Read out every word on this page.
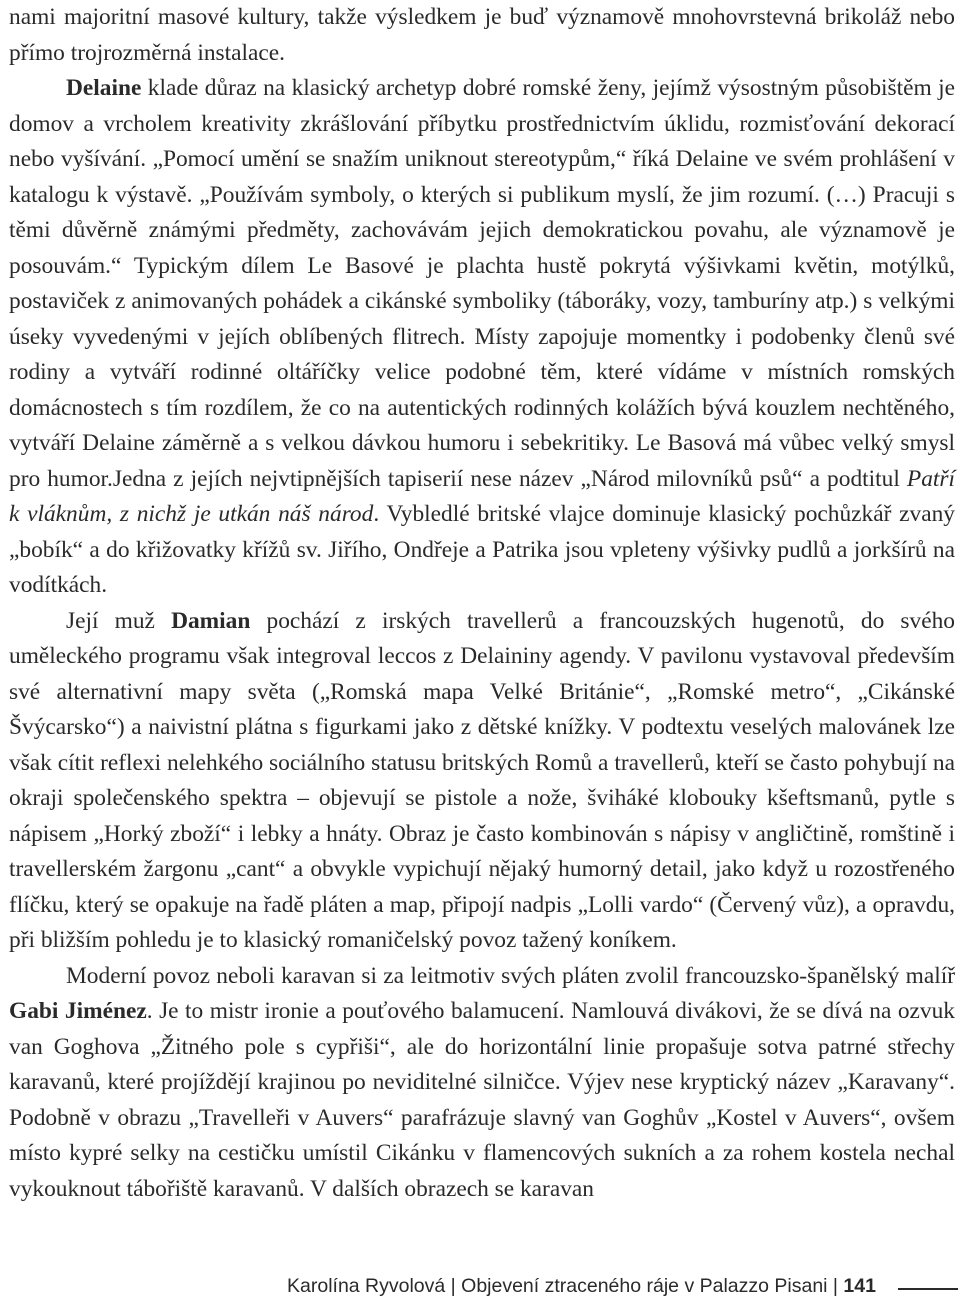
nami majoritní masové kultury, takže výsledkem je buď významově mnohovrstevná brikoláž nebo přímo trojrozměrná instalace.

Delaine klade důraz na klasický archetyp dobré romské ženy, jejímž výsostným působištěm je domov a vrcholem kreativity zkrášlování příbytku prostřednictvím úklidu, rozmisťování dekorací nebo vyšívání. „Pomocí umění se snažím uniknout stereotypům,“ říká Delaine ve svém prohlášení v katalogu k výstavě. „Používám symboly, o kterých si publikum myslí, že jim rozumí. (…) Pracuji s těmi důvěrně známými předměty, zachovávám jejich demokratickou povahu, ale významově je posouvám.“ Typickým dílem Le Basové je plachta hustě pokrytá výšivkami květin, motýlků, postaviček z animovaných pohádek a cikánské symboliky (táboráky, vozy, tamburíny atp.) s velkými úseky vyvedenými v jejích oblíbených flitrech. Místy zapojuje momentky i podobenky členů své rodiny a vytváří rodinné oltáříčky velice podobné těm, které vídáme v místních romských domácnostech s tím rozdílem, že co na autentických rodinných kolážích bývá kouzlem nechtěného, vytváří Delaine záměrně a s velkou dávkou humoru i sebekritiky. Le Basová má vůbec velký smysl pro humor.Jedna z jejích nejvtipnějších tapiserií nese název „Národ milovníků psů“ a podtitul Patří k vláknům, z nichž je utkán náš národ. Vybledlé britské vlajce dominuje klasický pochůzkář zvaný „bobík“ a do křižovatky křížů sv. Jiřího, Ondřeje a Patrika jsou vpleteny výšivky pudlů a jorkšírů na vodítkách.

Její muž Damian pochází z irských travellerů a francouzských hugenotů, do svého uměleckého programu však integroval leccos z Delaininy agendy. V pavilonu vystavoval především své alternativní mapy světa („Romská mapa Velké Británie“, „Romské metro“, „Cikánské Švýcarsko“) a naivistní plátna s figurkami jako z dětské knížky. V podtextu veselých malovánek lze však cítit reflexi nelehkého sociálního statusu britských Romů a travellerů, kteří se často pohybují na okraji společenského spektra – objevují se pistole a nože, šviháké klobouky kšeftsmanů, pytle s nápisem „Horký zboží“ i lebky a hnáty. Obraz je často kombinován s nápisy v angličtině, romštině i travellerském žargonu „cant“ a obvykle vypichují nějaký humorný detail, jako když u rozostřeného flíčku, který se opakuje na řadě pláten a map, připojí nadpis „Lolli vardo“ (Červený vůz), a opravdu, při bližším pohledu je to klasický romaničelský povoz tažený koníkem.

Moderní povoz neboli karavan si za leitmotiv svých pláten zvolil francouzsko-španělský malíř Gabi Jiménez. Je to mistr ironie a pouťového balamucení. Namlouvá divákovi, že se dívá na ozvuk van Goghova „Žitného pole s cypřiši“, ale do horizontální linie propašuje sotva patrné střechy karavanů, které projíždějí krajinou po neviditelné silničce. Výjev nese kryptický název „Karavany“. Podobně v obrazu „Travelleři v Auvers“ parafrázuje slavný van Goghův „Kostel v Auvers“, ovšem místo kypré selky na cestičku umístil Cikánku v flamencových sukních a za rohem kostela nechal vykouknout tábořiště karavanů. V dalších obrazech se karavan

Karolína Ryvolová | Objevení ztraceného ráje v Palazzo Pisani | 141
